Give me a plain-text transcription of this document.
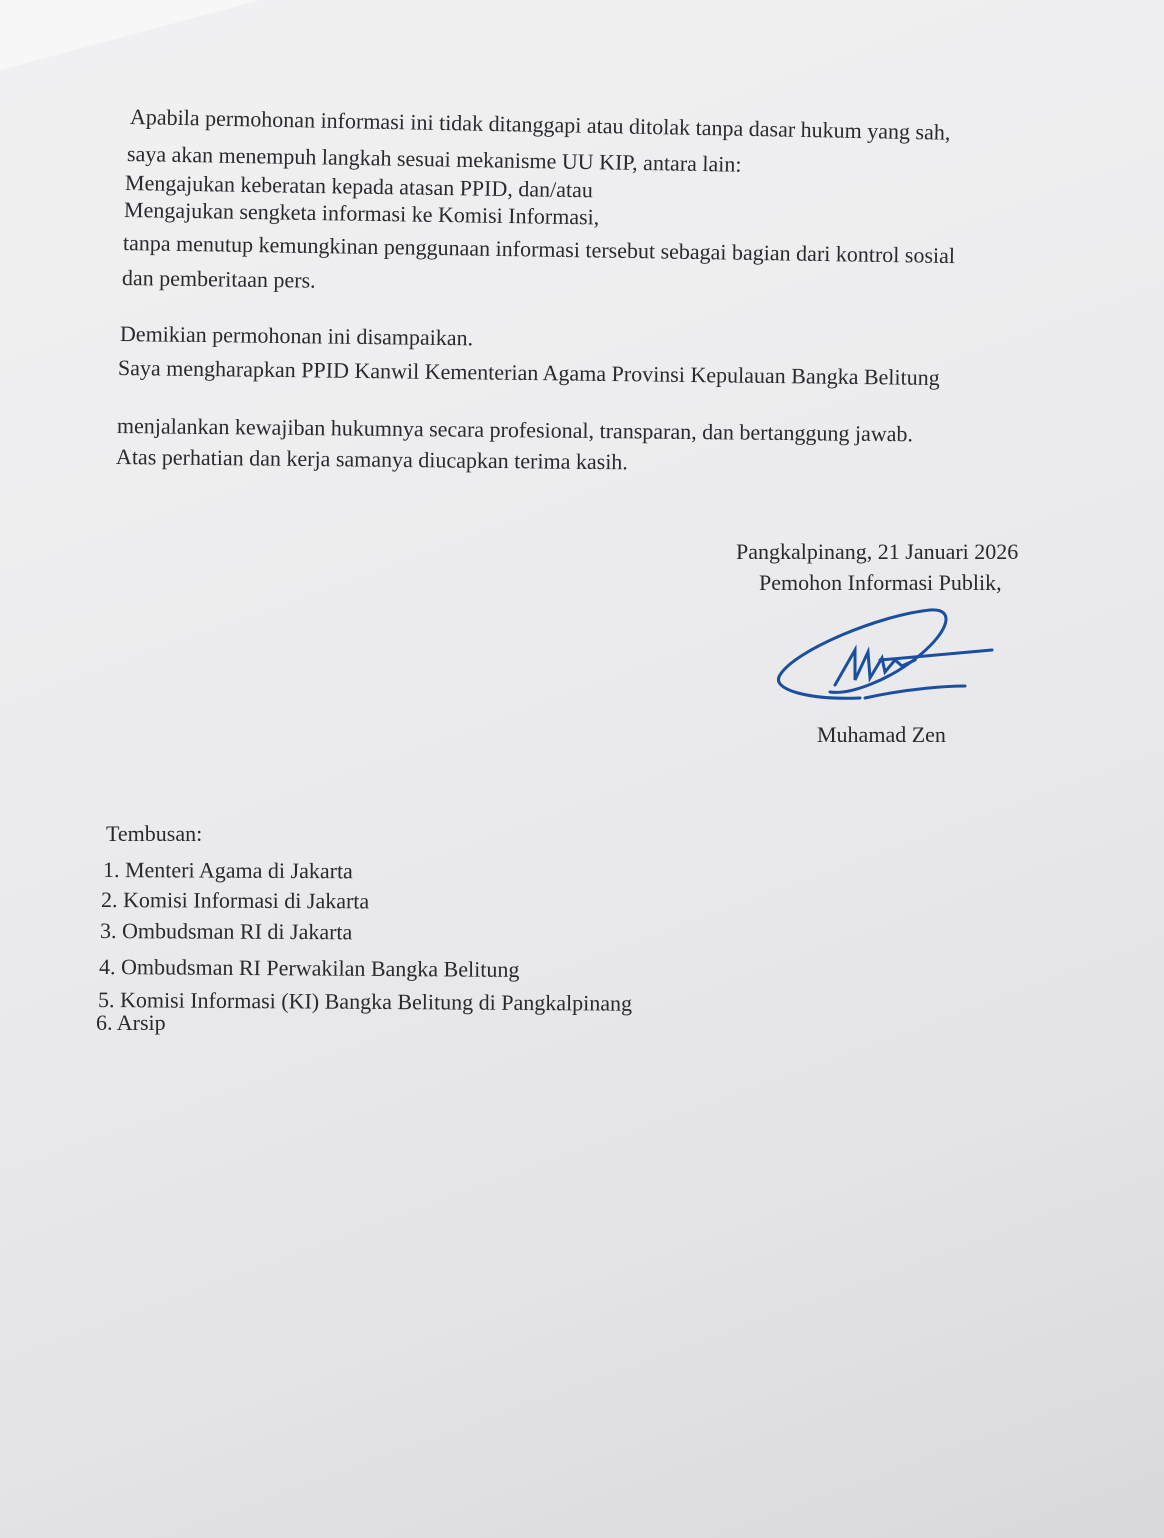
Apabila permohonan informasi ini tidak ditanggapi atau ditolak tanpa dasar hukum yang sah,
saya akan menempuh langkah sesuai mekanisme UU KIP, antara lain:
Mengajukan keberatan kepada atasan PPID, dan/atau
Mengajukan sengketa informasi ke Komisi Informasi,
tanpa menutup kemungkinan penggunaan informasi tersebut sebagai bagian dari kontrol sosial
dan pemberitaan pers.
Demikian permohonan ini disampaikan.
Saya mengharapkan PPID Kanwil Kementerian Agama Provinsi Kepulauan Bangka Belitung
menjalankan kewajiban hukumnya secara profesional, transparan, dan bertanggung jawab.
Atas perhatian dan kerja samanya diucapkan terima kasih.
Pangkalpinang, 21 Januari 2026
Pemohon Informasi Publik,
Muhamad Zen
Tembusan:
1. Menteri Agama di Jakarta
2. Komisi Informasi di Jakarta
3. Ombudsman RI di Jakarta
4. Ombudsman RI Perwakilan Bangka Belitung
5. Komisi Informasi (KI) Bangka Belitung di Pangkalpinang
6. Arsip
